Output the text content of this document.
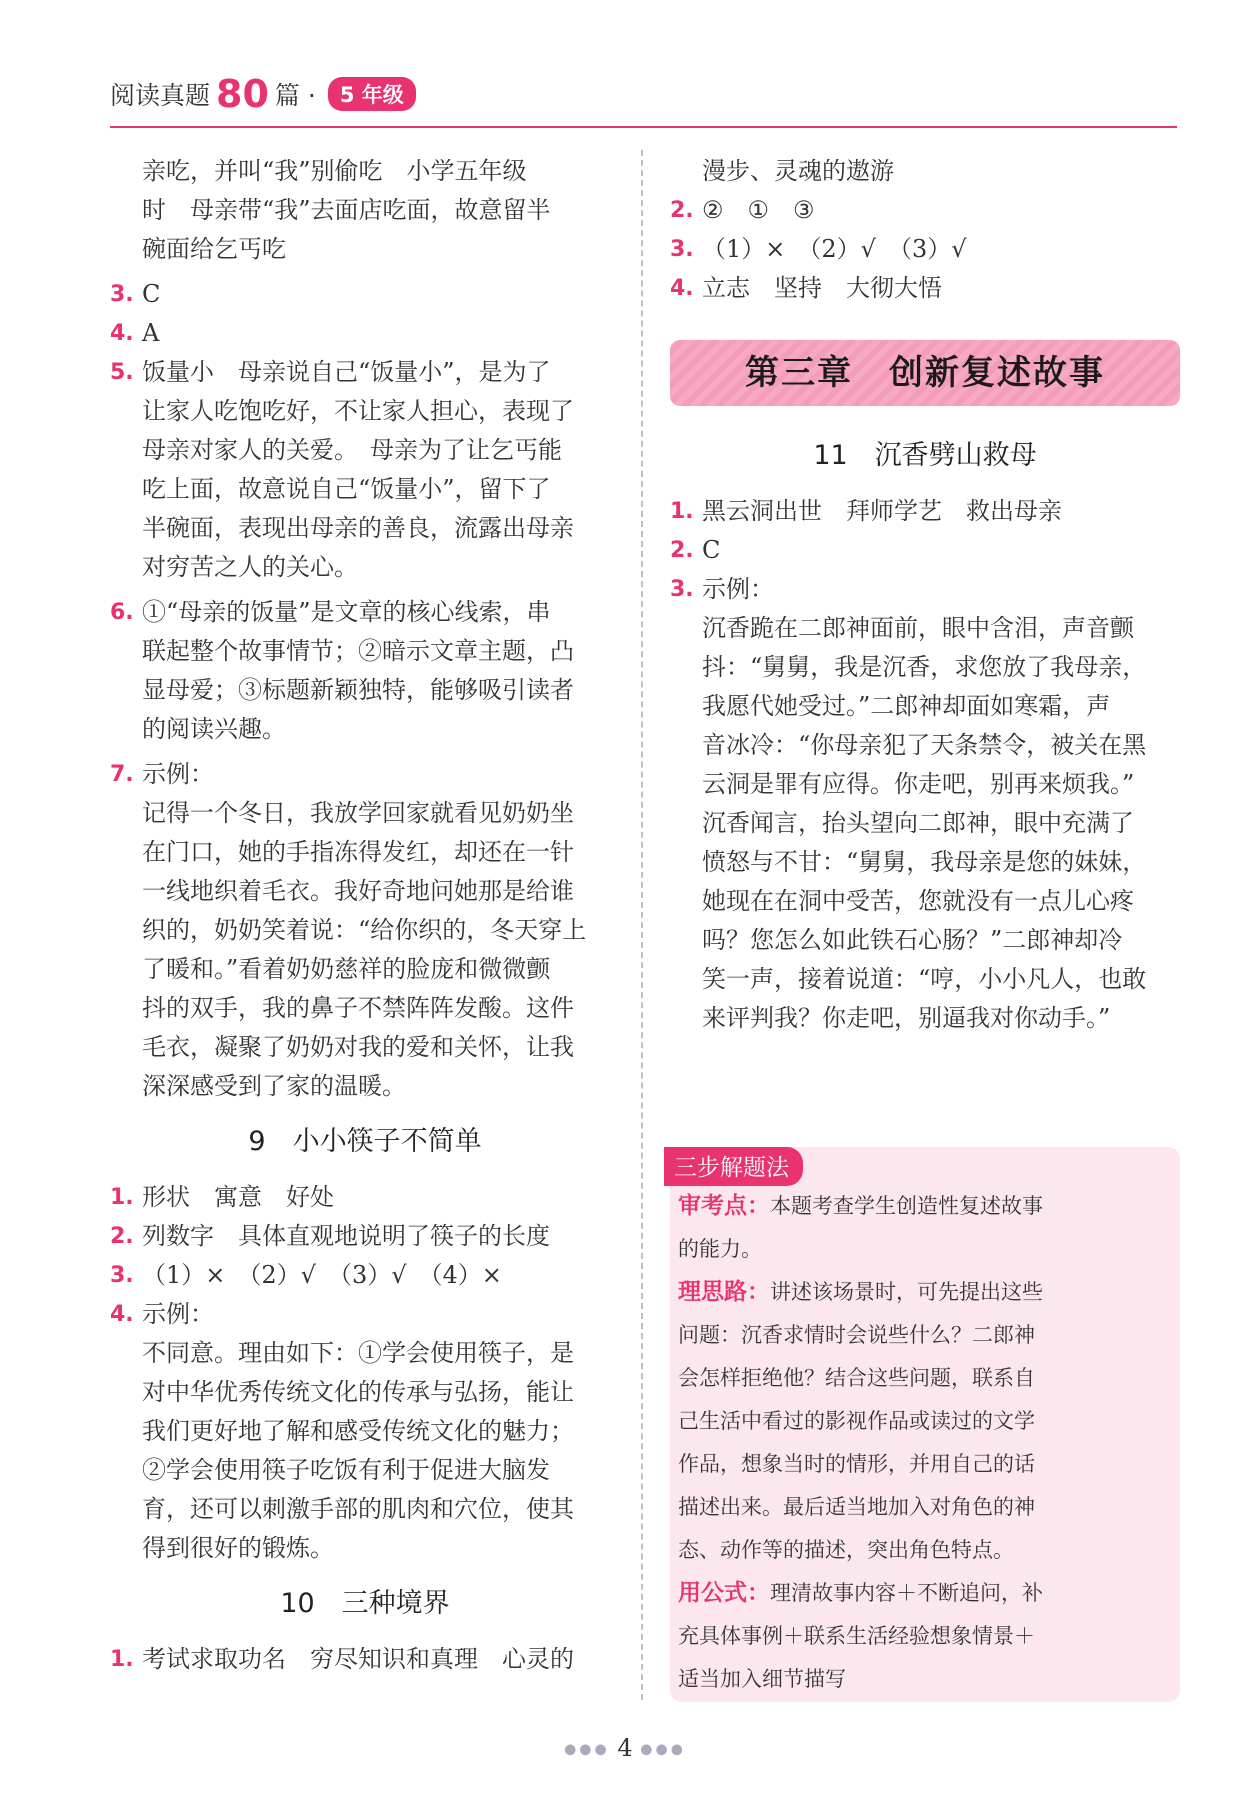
阅读真题 80 篇 ·	5 年级
亲吃，并叫“我”别偷吃　小学五年级
时　母亲带“我”去面店吃面，故意留半
碗面给乞丐吃
3. C
4. A
5. 饭量小　母亲说自己“饭量小”，是为了
让家人吃饱吃好，不让家人担心，表现了
母亲对家人的关爱。　母亲为了让乞丐能
吃上面，故意说自己“饭量小”，留下了
半碗面，表现出母亲的善良，流露出母亲
对穷苦之人的关心。
6. ①“母亲的饭量”是文章的核心线索，串
联起整个故事情节；②暗示文章主题，凸
显母爱；③标题新颖独特，能够吸引读者
的阅读兴趣。
7. 示例：
记得一个冬日，我放学回家就看见奶奶坐
在门口，她的手指冻得发红，却还在一针
一线地织着毛衣。我好奇地问她那是给谁
织的，奶奶笑着说：“给你织的，冬天穿上
了暖和。”看着奶奶慈祥的脸庞和微微颤
抖的双手，我的鼻子不禁阵阵发酸。这件
毛衣，凝聚了奶奶对我的爱和关怀，让我
深深感受到了家的温暖。
9　小小筷子不简单
1. 形状　寓意　好处
2. 列数字　具体直观地说明了筷子的长度
3. （1）×　（2）√　（3）√　（4）×
4. 示例：
不同意。理由如下：①学会使用筷子，是
对中华优秀传统文化的传承与弘扬，能让
我们更好地了解和感受传统文化的魅力；
②学会使用筷子吃饭有利于促进大脑发
育，还可以刺激手部的肌肉和穴位，使其
得到很好的锻炼。
10　三种境界
1. 考试求取功名　穷尽知识和真理　心灵的
漫步、灵魂的遨游
2. ②　①　③
3. （1）×　（2）√　（3）√
4. 立志　坚持　大彻大悟
第三章　创新复述故事
11　沉香劈山救母
1. 黑云洞出世　拜师学艺　救出母亲
2. C
3. 示例：
沉香跪在二郎神面前，眼中含泪，声音颤
抖：“舅舅，我是沉香，求您放了我母亲，
我愿代她受过。”二郎神却面如寒霜，声
音冰冷：“你母亲犯了天条禁令，被关在黑
云洞是罪有应得。你走吧，别再来烦我。”
沉香闻言，抬头望向二郎神，眼中充满了
愤怒与不甘：“舅舅，我母亲是您的妹妹，
她现在在洞中受苦，您就没有一点儿心疼
吗？您怎么如此铁石心肠？”二郎神却冷
笑一声，接着说道：“哼，小小凡人，也敢
来评判我？你走吧，别逼我对你动手。”
三步解题法
审考点：本题考查学生创造性复述故事
的能力。
理思路：讲述该场景时，可先提出这些
问题：沉香求情时会说些什么？二郎神
会怎样拒绝他？结合这些问题，联系自
己生活中看过的影视作品或读过的文学
作品，想象当时的情形，并用自己的话
描述出来。最后适当地加入对角色的神
态、动作等的描述，突出角色特点。
用公式：理清故事内容＋不断追问，补
充具体事例＋联系生活经验想象情景＋
适当加入细节描写
●●● 4 ●●●
